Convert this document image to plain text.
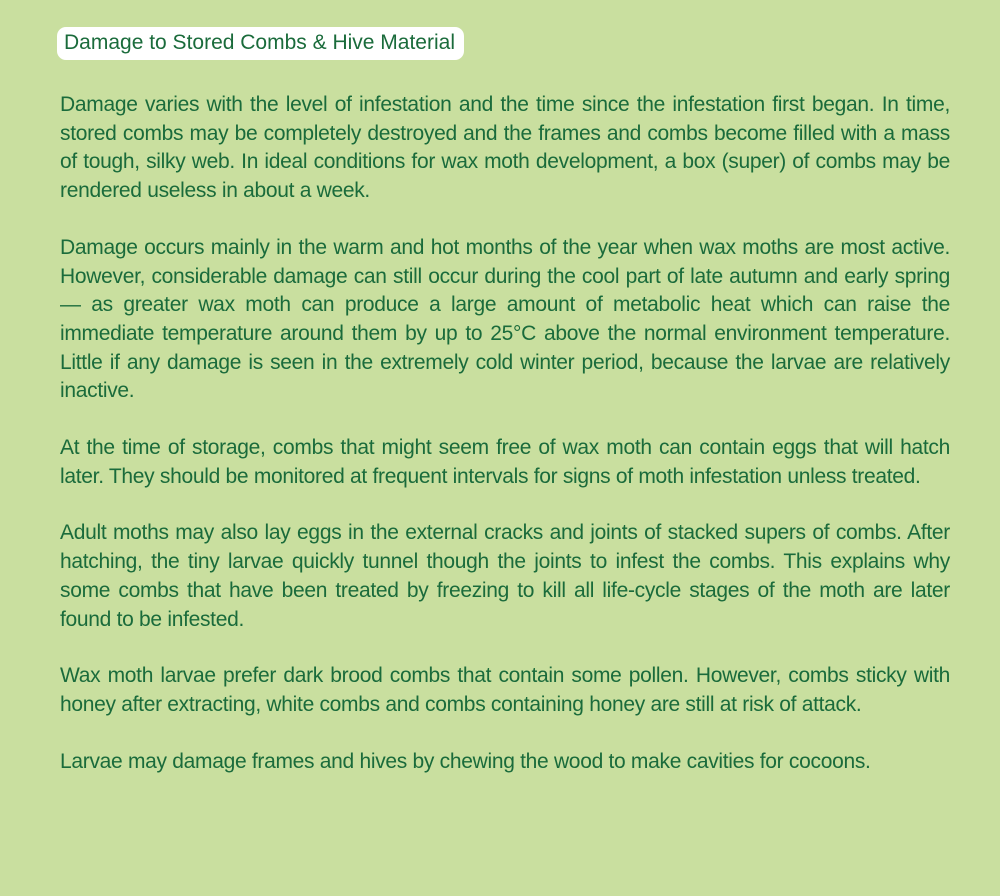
Damage to Stored Combs & Hive Material

Damage varies with the level of infestation and the time since the infestation first began. In time, stored combs may be completely destroyed and the frames and combs become filled with a mass of tough, silky web. In ideal conditions for wax moth development, a box (super) of combs may be rendered useless in about a week.

Damage occurs mainly in the warm and hot months of the year when wax moths are most active. However, considerable damage can still occur during the cool part of late autumn and early spring — as greater wax moth can produce a large amount of metabolic heat which can raise the immediate temperature around them by up to 25°C above the normal environment temperature. Little if any damage is seen in the extremely cold winter period, because the larvae are relatively inactive.

At the time of storage, combs that might seem free of wax moth can contain eggs that will hatch later. They should be monitored at frequent intervals for signs of moth infestation unless treated.

Adult moths may also lay eggs in the external cracks and joints of stacked supers of combs. After hatching, the tiny larvae quickly tunnel though the joints to infest the combs. This explains why some combs that have been treated by freezing to kill all life-cycle stages of the moth are later found to be infested.

Wax moth larvae prefer dark brood combs that contain some pollen. However, combs sticky with honey after extracting, white combs and combs containing honey are still at risk of attack.

Larvae may damage frames and hives by chewing the wood to make cavities for cocoons.
